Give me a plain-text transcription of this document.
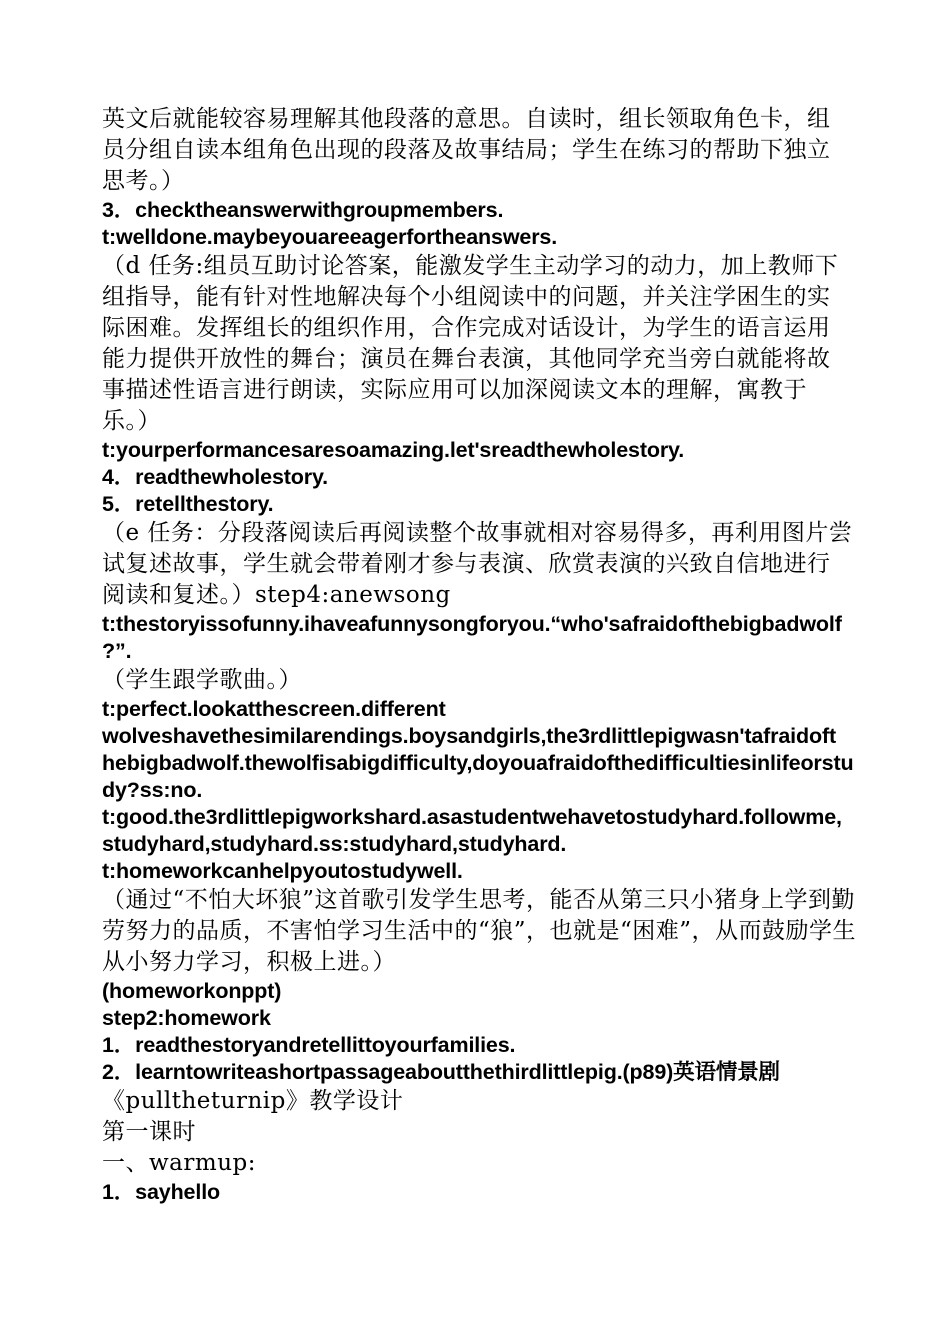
英文后就能较容易理解其他段落的意思。自读时，组长领取角色卡，组
员分组自读本组角色出现的段落及故事结局；学生在练习的帮助下独立
思考。）
3．checktheanswerwithgroupmembers.
t:welldone.maybeyouareeagerfortheanswers.
（d 任务:组员互助讨论答案，能激发学生主动学习的动力，加上教师下
组指导，能有针对性地解决每个小组阅读中的问题，并关注学困生的实
际困难。发挥组长的组织作用，合作完成对话设计，为学生的语言运用
能力提供开放性的舞台；演员在舞台表演，其他同学充当旁白就能将故
事描述性语言进行朗读，实际应用可以加深阅读文本的理解，寓教于
乐。）
t:yourperformancesaresoamazing.let'sreadthewholestory.
4．readthewholestory.
5．retellthestory.
（e 任务：分段落阅读后再阅读整个故事就相对容易得多，再利用图片尝
试复述故事，学生就会带着刚才参与表演、欣赏表演的兴致自信地进行
阅读和复述。）step4:anewsong
t:thestoryissofunny.ihaveafunnysongforyou.“who'safraidofthebigbadwolf
?”.
（学生跟学歌曲。）
t:perfect.lookatthescreen.different
wolveshavethesimilarendings.boysandgirls,the3rdlittlepigwasn'tafraidoft
hebigbadwolf.thewolfisabigdifficulty,doyouafraidofthedifficultiesinlifeorstu
dy?ss:no.
t:good.the3rdlittlepigworkshard.asastudentwehavetostudyhard.followme,
studyhard,studyhard.ss:studyhard,studyhard.
t:homeworkcanhelpyoutostudywell.
（通过“不怕大坏狼”这首歌引发学生思考，能否从第三只小猪身上学到勤
劳努力的品质，不害怕学习生活中的“狼”，也就是“困难”，从而鼓励学生
从小努力学习，积极上进。）
(homeworkonppt)
step2:homework
1．readthestoryandretellittoyourfamilies.
2．learntowriteashortpassageaboutthethirdlittlepig.(p89)英语情景剧
《pulltheturnip》教学设计
第一课时
一、warmup:
1．sayhello
